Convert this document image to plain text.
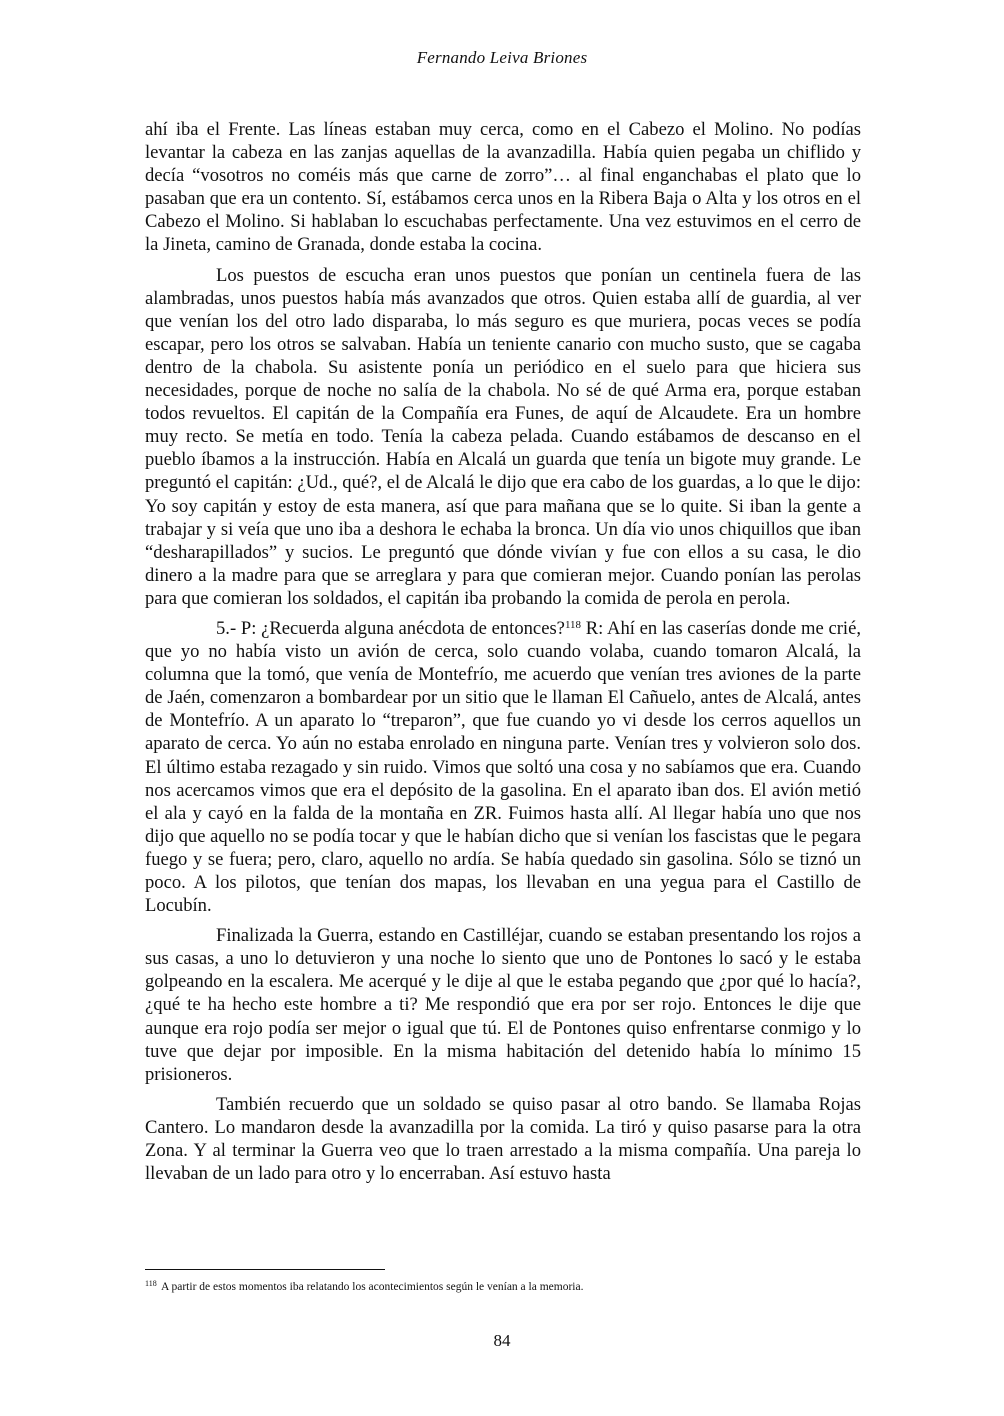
Fernando Leiva Briones

ahí iba el Frente. Las líneas estaban muy cerca, como en el Cabezo el Molino. No podías levantar la cabeza en las zanjas aquellas de la avanzadilla. Había quien pegaba un chiflido y decía “vosotros no coméis más que carne de zorro”… al final enganchabas el plato que lo pasaban que era un contento. Sí, estábamos cerca unos en la Ribera Baja o Alta y los otros en el Cabezo el Molino. Si hablaban lo escuchabas perfectamente. Una vez estuvimos en el cerro de la Jineta, camino de Granada, donde estaba la cocina.

Los puestos de escucha eran unos puestos que ponían un centinela fuera de las alambradas, unos puestos había más avanzados que otros. Quien estaba allí de guardia, al ver que venían los del otro lado disparaba, lo más seguro es que muriera, pocas veces se podía escapar, pero los otros se salvaban. Había un teniente canario con mucho susto, que se cagaba dentro de la chabola. Su asistente ponía un periódico en el suelo para que hiciera sus necesidades, porque de noche no salía de la chabola. No sé de qué Arma era, porque estaban todos revueltos. El capitán de la Compañía era Funes, de aquí de Alcaudete. Era un hombre muy recto. Se metía en todo. Tenía la cabeza pelada. Cuando estábamos de descanso en el pueblo íbamos a la instrucción. Había en Alcalá un guarda que tenía un bigote muy grande. Le preguntó el capitán: ¿Ud., qué?, el de Alcalá le dijo que era cabo de los guardas, a lo que le dijo: Yo soy capitán y estoy de esta manera, así que para mañana que se lo quite. Si iban la gente a trabajar y si veía que uno iba a deshora le echaba la bronca. Un día vio unos chiquillos que iban “desharapillados” y sucios. Le preguntó que dónde vivían y fue con ellos a su casa, le dio dinero a la madre para que se arreglara y para que comieran mejor. Cuando ponían las perolas para que comieran los soldados, el capitán iba probando la comida de perola en perola.

5.- P: ¿Recuerda alguna anécdota de entonces?$^{118}$ R: Ahí en las caserías donde me crié, que yo no había visto un avión de cerca, solo cuando volaba, cuando tomaron Alcalá, la columna que la tomó, que venía de Montefrío, me acuerdo que venían tres aviones de la parte de Jaén, comenzaron a bombardear por un sitio que le llaman El Cañuelo, antes de Alcalá, antes de Montefrío. A un aparato lo “treparon”, que fue cuando yo vi desde los cerros aquellos un aparato de cerca. Yo aún no estaba enrolado en ninguna parte. Venían tres y volvieron solo dos. El último estaba rezagado y sin ruido. Vimos que soltó una cosa y no sabíamos que era. Cuando nos acercamos vimos que era el depósito de la gasolina. En el aparato iban dos. El avión metió el ala y cayó en la falda de la montaña en ZR. Fuimos hasta allí. Al llegar había uno que nos dijo que aquello no se podía tocar y que le habían dicho que si venían los fascistas que le pegara fuego y se fuera; pero, claro, aquello no ardía. Se había quedado sin gasolina. Sólo se tiznó un poco. A los pilotos, que tenían dos mapas, los llevaban en una yegua para el Castillo de Locubín.

Finalizada la Guerra, estando en Castilléjar, cuando se estaban presentando los rojos a sus casas, a uno lo detuvieron y una noche lo siento que uno de Pontones lo sacó y le estaba golpeando en la escalera. Me acerqué y le dije al que le estaba pegando que ¿por qué lo hacía?, ¿qué te ha hecho este hombre a ti? Me respondió que era por ser rojo. Entonces le dije que aunque era rojo podía ser mejor o igual que tú. El de Pontones quiso enfrentarse conmigo y lo tuve que dejar por imposible. En la misma habitación del detenido había lo mínimo 15 prisioneros.

También recuerdo que un soldado se quiso pasar al otro bando. Se llamaba Rojas Cantero. Lo mandaron desde la avanzadilla por la comida. La tiró y quiso pasarse para la otra Zona. Y al terminar la Guerra veo que lo traen arrestado a la misma compañía. Una pareja lo llevaban de un lado para otro y lo encerraban. Así estuvo hasta

$^{118}$ A partir de estos momentos iba relatando los acontecimientos según le venían a la memoria.
84
